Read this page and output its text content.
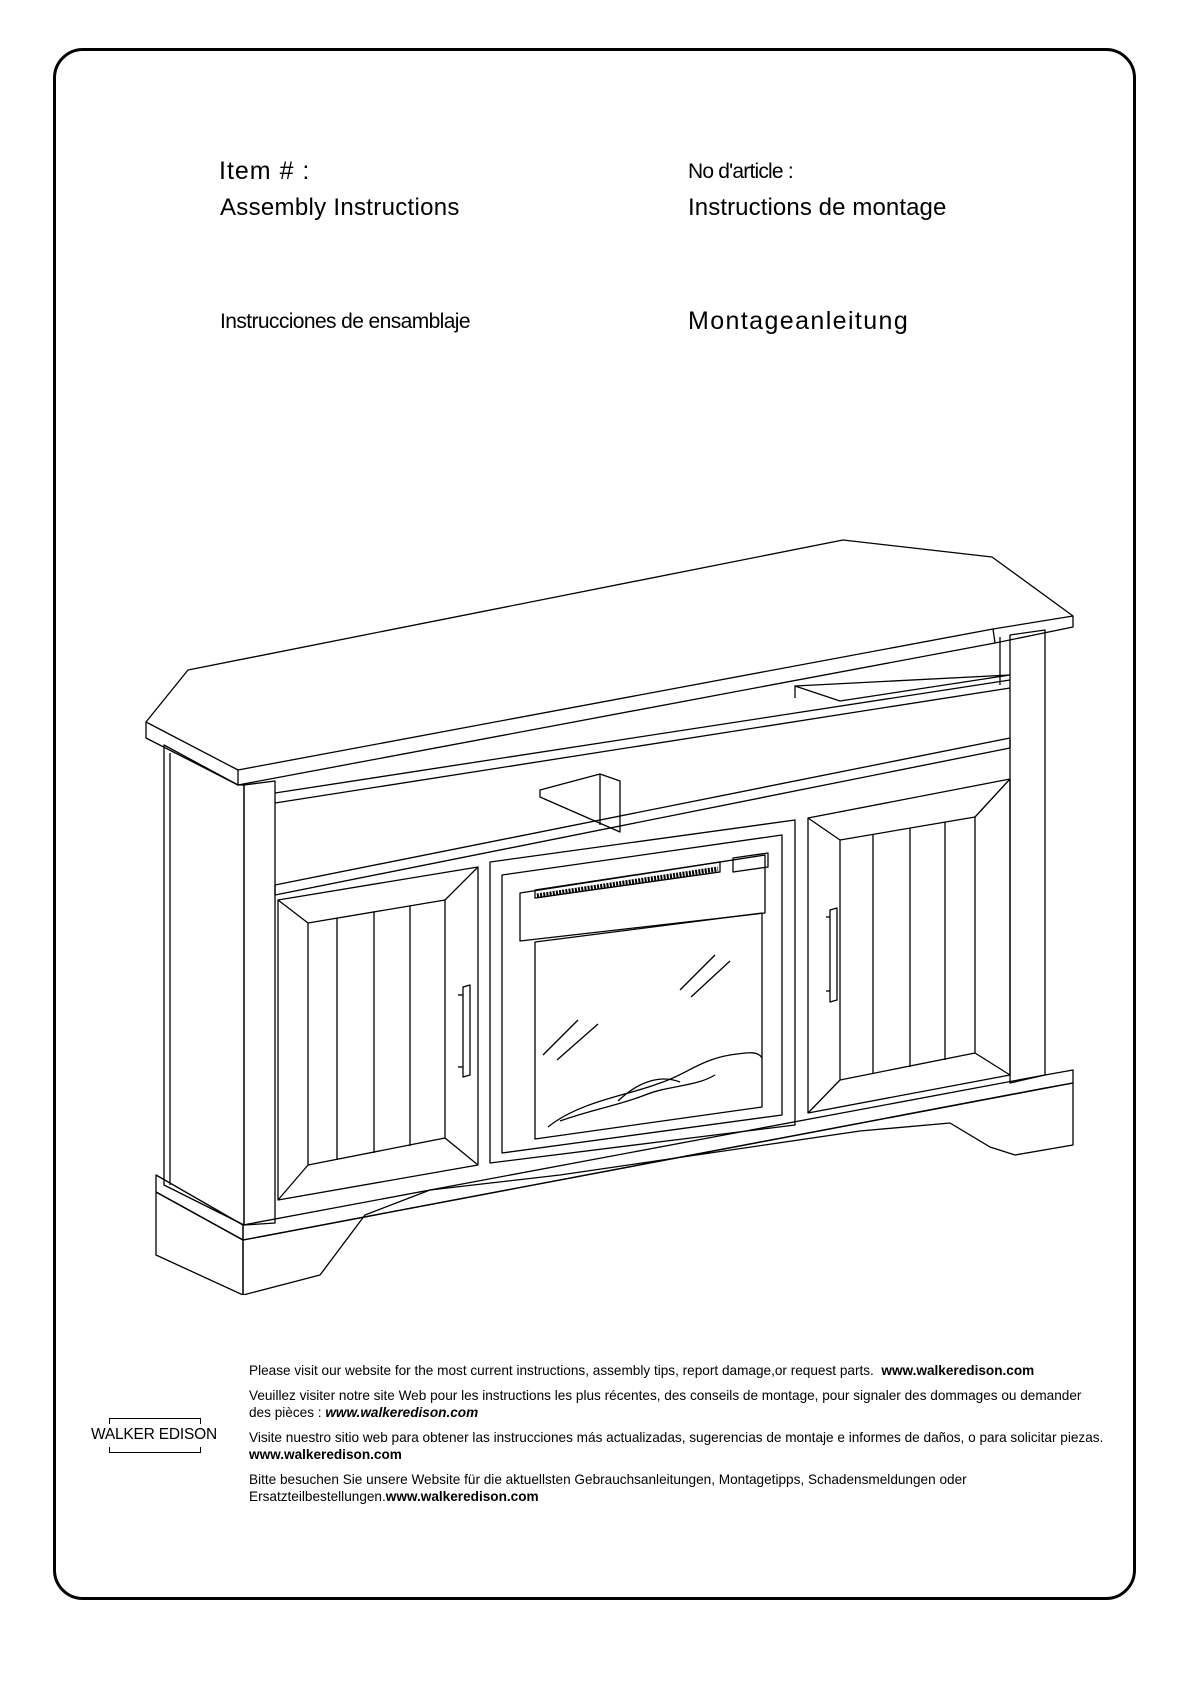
Item # :
Assembly Instructions
No d'article :
Instructions de montage
Instrucciones de ensamblaje	Montageanleitung
WALKER EDISON

Please visit our website for the most current instructions, assembly tips, report damage,or request parts. www.walkeredison.com

Veuillez visiter notre site Web pour les instructions les plus récentes, des conseils de montage, pour signaler des dommages ou demander des pièces : www.walkeredison.com

Visite nuestro sitio web para obtener las instrucciones más actualizadas, sugerencias de montaje e informes de daños, o para solicitar piezas. www.walkeredison.com

Bitte besuchen Sie unsere Website für die aktuellsten Gebrauchsanleitungen, Montagetipps, Schadensmeldungen oder Ersatzteilbestellungen.www.walkeredison.com
